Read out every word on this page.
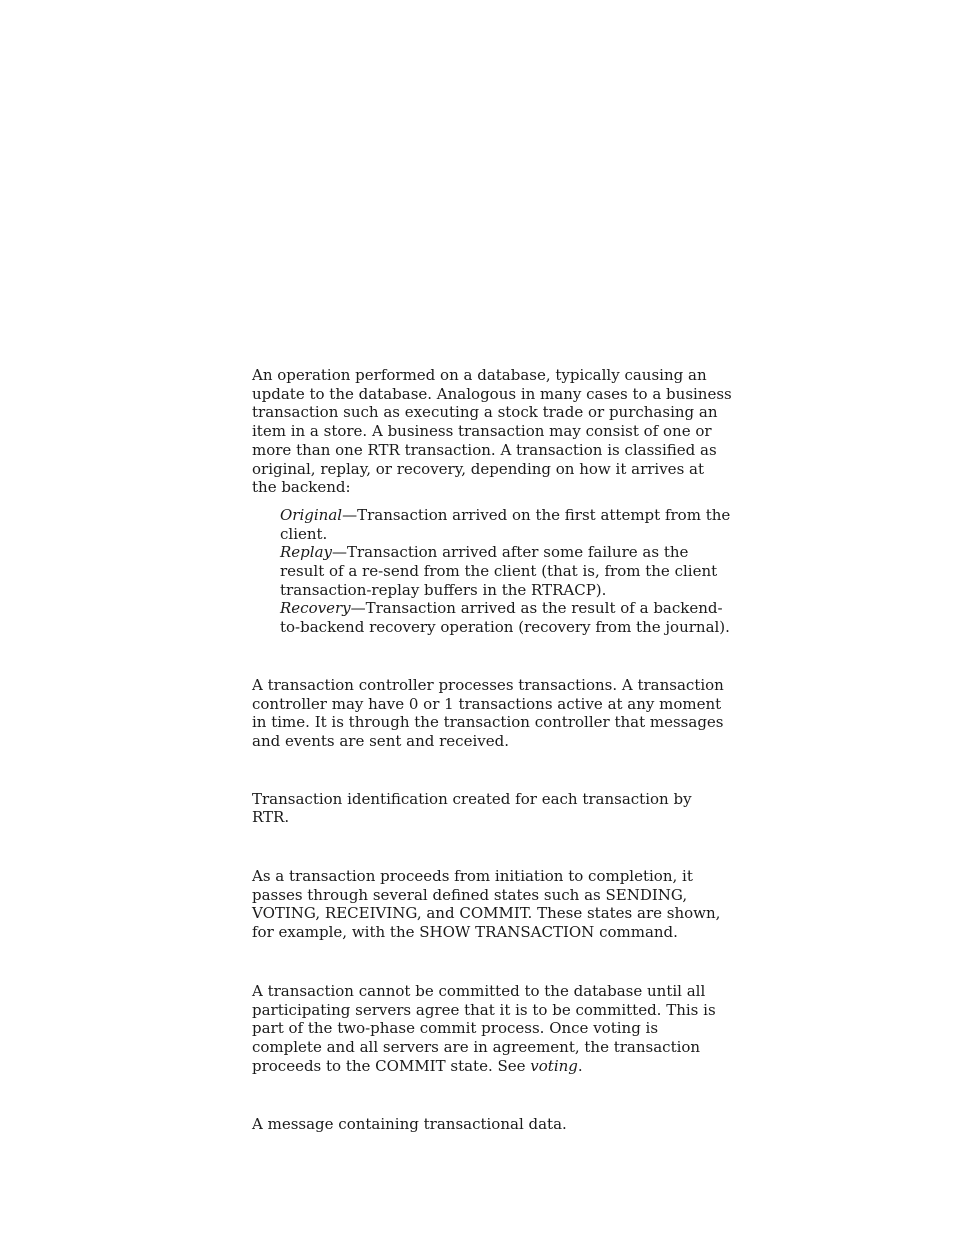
An operation performed on a database, typically causing an update to the database. Analogous in many cases to a business transaction such as executing a stock trade or purchasing an item in a store. A business transaction may consist of one or more than one RTR transaction. A transaction is classified as original, replay, or recovery, depending on how it arrives at the backend:

Original—Transaction arrived on the first attempt from the client.

Replay—Transaction arrived after some failure as the result of a re-send from the client (that is, from the client transaction-replay buffers in the RTRACP).

Recovery—Transaction arrived as the result of a backend-to-backend recovery operation (recovery from the journal).

A transaction controller processes transactions. A transaction controller may have 0 or 1 transactions active at any moment in time. It is through the transaction controller that messages and events are sent and received.

Transaction identification created for each transaction by RTR.

As a transaction proceeds from initiation to completion, it passes through several defined states such as SENDING, VOTING, RECEIVING, and COMMIT. These states are shown, for example, with the SHOW TRANSACTION command.

A transaction cannot be committed to the database until all participating servers agree that it is to be committed. This is part of the two-phase commit process. Once voting is complete and all servers are in agreement, the transaction proceeds to the COMMIT state. See voting.

A message containing transactional data.
